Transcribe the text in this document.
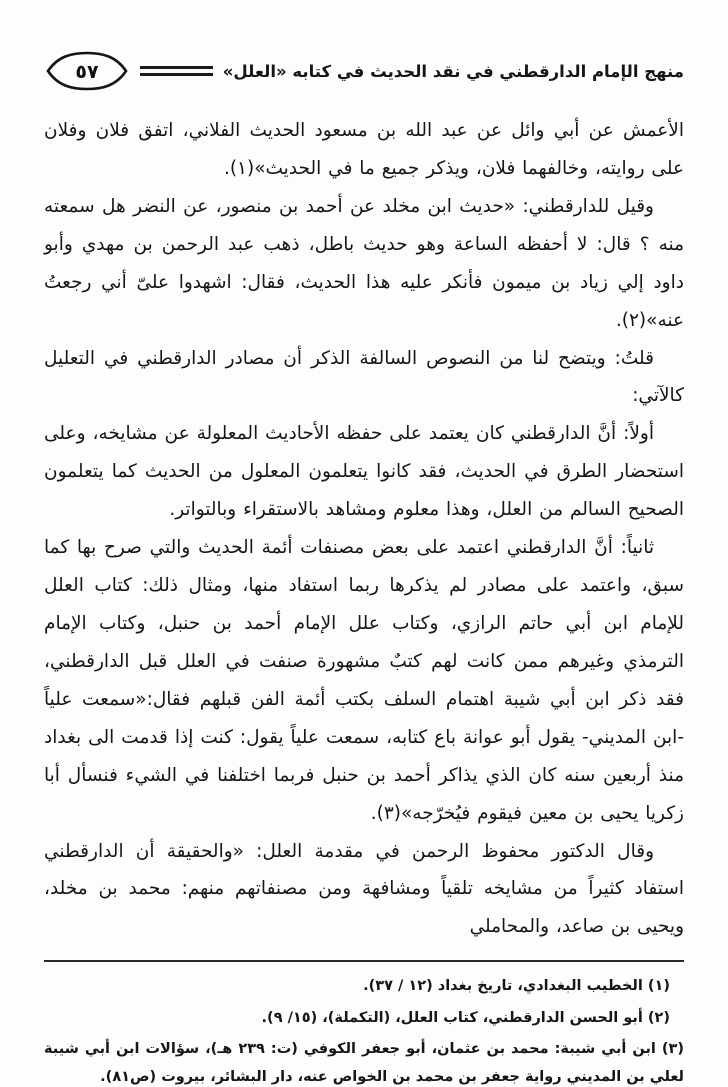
منهج الإمام الدارقطني في نقد الحديث في كتابه «العلل»
٥٧

الأعمش عن أبي وائل عن عبد الله بن مسعود الحديث الفلاني، اتفق فلان وفلان على روايته، وخالفهما فلان، ويذكر جميع ما في الحديث»(١).

وقيل للدارقطني: «حديث ابن مخلد عن أحمد بن منصور، عن النضر هل سمعته منه ؟ قال: لا أحفظه الساعة وهو حديث باطل، ذهب عبد الرحمن بن مهدي وأبو داود إلي زياد بن ميمون فأنكر عليه هذا الحديث، فقال: اشهدوا علىّ أني رجعتُ عنه»(٢).

قلتُ: ويتضح لنا من النصوص السالفة الذكر أن مصادر الدارقطني في التعليل كالآتي:

أولاً: أنَّ الدارقطني كان يعتمد على حفظه الأحاديث المعلولة عن مشايخه، وعلى استحضار الطرق في الحديث، فقد كانوا يتعلمون المعلول من الحديث كما يتعلمون الصحيح السالم من العلل، وهذا معلوم ومشاهد بالاستقراء وبالتواتر.

ثانياً: أنَّ الدارقطني اعتمد على بعض مصنفات أئمة الحديث والتي صرح بها كما سبق، واعتمد على مصادر لم يذكرها ربما استفاد منها، ومثال ذلك: كتاب العلل للإمام ابن أبي حاتم الرازي، وكتاب علل الإمام أحمد بن حنبل، وكتاب الإمام الترمذي وغيرهم ممن كانت لهم كتبٌ مشهورة صنفت في العلل قبل الدارقطني، فقد ذكر ابن أبي شيبة اهتمام السلف بكتب أئمة الفن قبلهم فقال:«سمعت علياً -ابن المديني- يقول أبو عوانة باع كتابه، سمعت علياً يقول: كنت إذا قدمت الى بغداد منذ أربعين سنه كان الذي يذاكر أحمد بن حنبل فربما اختلفنا في الشيء فنسأل أبا زكريا يحيى بن معين فيقوم فيُخرّجه»(٣).

وقال الدكتور محفوظ الرحمن في مقدمة العلل: «والحقيقة أن الدارقطني استفاد كثيراً من مشايخه تلقياً ومشافهة ومن مصنفاتهم منهم: محمد بن مخلد، ويحيى بن صاعد، والمحاملي

(١) الخطيب البغدادي، تاريخ بغداد (١٢ / ٣٧).

(٢) أبو الحسن الدارقطني، كتاب العلل، (التكملة)، (١٥/ ٩).

(٣) ابن أبي شيبة: محمد بن عثمان، أبو جعفر الكوفي (ت: ٢٣٩ هـ)، سؤالات ابن أبي شيبة لعلي بن المديني رواية جعفر بن محمد بن الخواص عنه، دار البشائر، بيروت (ص٨١).
